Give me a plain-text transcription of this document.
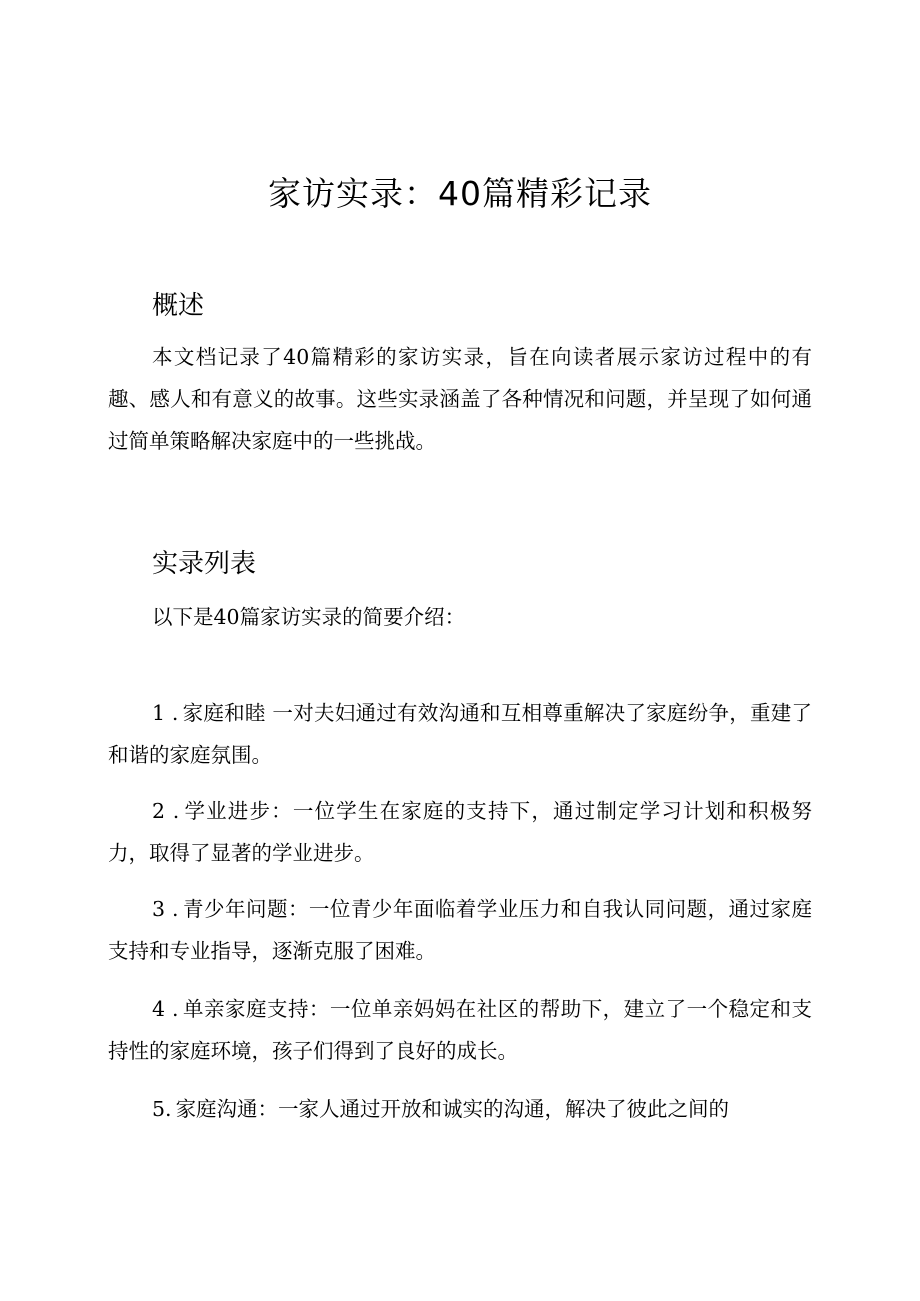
家访实录：40篇精彩记录
概述

本文档记录了40篇精彩的家访实录，旨在向读者展示家访过程中的有趣、感人和有意义的故事。这些实录涵盖了各种情况和问题，并呈现了如何通过简单策略解决家庭中的一些挑战。

实录列表

以下是40篇家访实录的简要介绍：

1 . 家庭和睦 一对夫妇通过有效沟通和互相尊重解决了家庭纷争，重建了和谐的家庭氛围。

2 . 学业进步：一位学生在家庭的支持下，通过制定学习计划和积极努力，取得了显著的学业进步。

3 . 青少年问题：一位青少年面临着学业压力和自我认同问题，通过家庭支持和专业指导，逐渐克服了困难。

4 . 单亲家庭支持：一位单亲妈妈在社区的帮助下，建立了一个稳定和支持性的家庭环境，孩子们得到了良好的成长。

5. 家庭沟通：一家人通过开放和诚实的沟通，解决了彼此之间的
